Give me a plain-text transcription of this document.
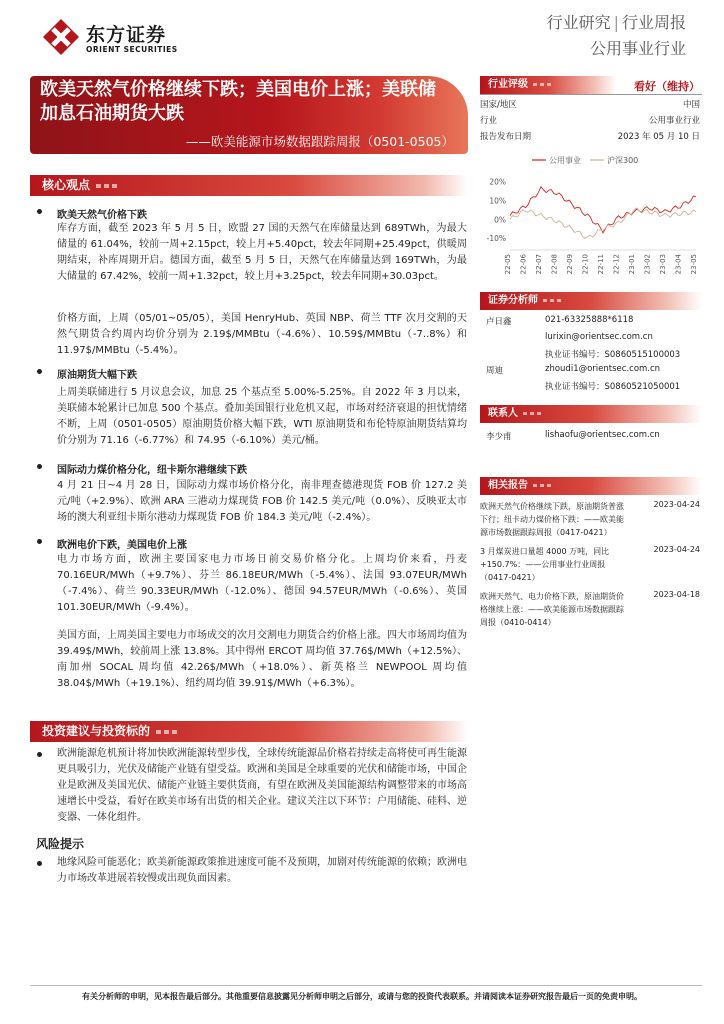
东方证券
ORIENT SECURITIES
行业研究 | 行业周报
公用事业行业
欧美天然气价格继续下跌；美国电价上涨；美联储加息石油期货大跌
——欧美能源市场数据跟踪周报（0501-0505）
核心观点
欧美天然气价格下跌
库存方面，截至 2023 年 5 月 5 日，欧盟 27 国的天然气在库储量达到 689TWh，为最大储量的 61.04%，较前一周+2.15pct，较上月+5.40pct，较去年同期+25.49pct，供暖周期结束，补库周期开启。德国方面，截至 5 月 5 日，天然气在库储量达到 169TWh，为最大储量的 67.42%，较前一周+1.32pct，较上月+3.25pct，较去年同期+30.03pct。
价格方面，上周（05/01~05/05），美国 HenryHub、英国 NBP、荷兰 TTF 次月交割的天然气期货合约周内均价分别为 2.19$/MMBtu（-4.6%）、10.59$/MMBtu（-7..8%）和 11.97$/MMBtu（-5.4%）。
原油期货大幅下跌
上周美联储进行 5 月议息会议，加息 25 个基点至 5.00%-5.25%。自 2022 年 3 月以来，美联储本轮累计已加息 500 个基点。叠加美国银行业危机又起，市场对经济衰退的担忧情绪不断，上周（0501-0505）原油期货价格大幅下跌，WTI 原油期货和布伦特原油期货结算均价分别为 71.16（-6.77%）和 74.95（-6.10%）美元/桶。
国际动力煤价格分化，纽卡斯尔港继续下跌
4 月 21 日~4 月 28 日，国际动力煤市场价格分化，南非理查德港现货 FOB 价 127.2 美元/吨（+2.9%）、欧洲 ARA 三港动力煤现货 FOB 价 142.5 美元/吨（0.0%）、反映亚太市场的澳大利亚纽卡斯尔港动力煤现货 FOB 价 184.3 美元/吨（-2.4%）。
欧洲电价下跌，美国电价上涨
电力市场方面，欧洲主要国家电力市场日前交易价格分化。上周均价来看，丹麦 70.16EUR/MWh（+9.7%）、芬兰 86.18EUR/MWh（-5.4%）、法国 93.07EUR/MWh（-7.4%）、荷兰 90.33EUR/MWh（-12.0%）、德国 94.57EUR/MWh（-0.6%）、英国 101.30EUR/MWh（-9.4%）。
美国方面，上周美国主要电力市场成交的次月交割电力期货合约价格上涨。四大市场周均值为 39.49$/MWh，较前周上涨 13.8%。其中得州 ERCOT 周均值 37.76$/MWh（+12.5%）、南加州 SOCAL 周均值 42.26$/MWh（+18.0%）、新英格兰 NEWPOOL 周均值 38.04$/MWh（+19.1%）、纽约周均值 39.91$/MWh（+6.3%）。
投资建议与投资标的
欧洲能源危机预计将加快欧洲能源转型步伐，全球传统能源品价格若持续走高将使可再生能源更具吸引力，光伏及储能产业链有望受益。欧洲和美国是全球重要的光伏和储能市场，中国企业是欧洲及美国光伏、储能产业链主要供货商，有望在欧洲及美国能源结构调整带来的市场高速增长中受益，看好在欧美市场有出货的相关企业。建议关注以下环节：户用储能、硅料、逆变器、一体化组件。
风险提示
地缘风险可能恶化；欧美新能源政策推进速度可能不及预期，加剧对传统能源的依赖；欧洲电力市场改革进展若较慢或出现负面因素。
行业评级	看好（维持）
国家/地区	中国
行业	公用事业行业
报告发布日期	2023 年 05 月 10 日
公用事业	沪深300
20%
10%
0%
-10%
22-05 22-06 22-07 22-08 22-09 22-10 22-11 22-12 23-01 23-02 23-03 23-04 23-05
证券分析师
卢日鑫	021-63325888*6118
lurixin@orientsec.com.cn
执业证书编号：S0860515100003
周迪	zhoudi1@orientsec.com.cn
执业证书编号：S0860521050001
联系人
李少甫	lishaofu@orientsec.com.cn
相关报告
欧洲天然气价格继续下跌，原油期货普涨下行；纽卡动力煤价格下跌：——欧美能源市场数据跟踪周报（0417-0421）
2023-04-24
3 月煤炭进口量超 4000 万吨，同比+150.7%：——公用事业行业周报（0417-0421）
2023-04-24
欧洲天然气、电力价格下跌，原油期货价格继续上涨：——欧美能源市场数据跟踪周报（0410-0414）
2023-04-18
有关分析师的申明，见本报告最后部分。其他重要信息披露见分析师申明之后部分，或请与您的投资代表联系。并请阅读本证券研究报告最后一页的免责申明。
